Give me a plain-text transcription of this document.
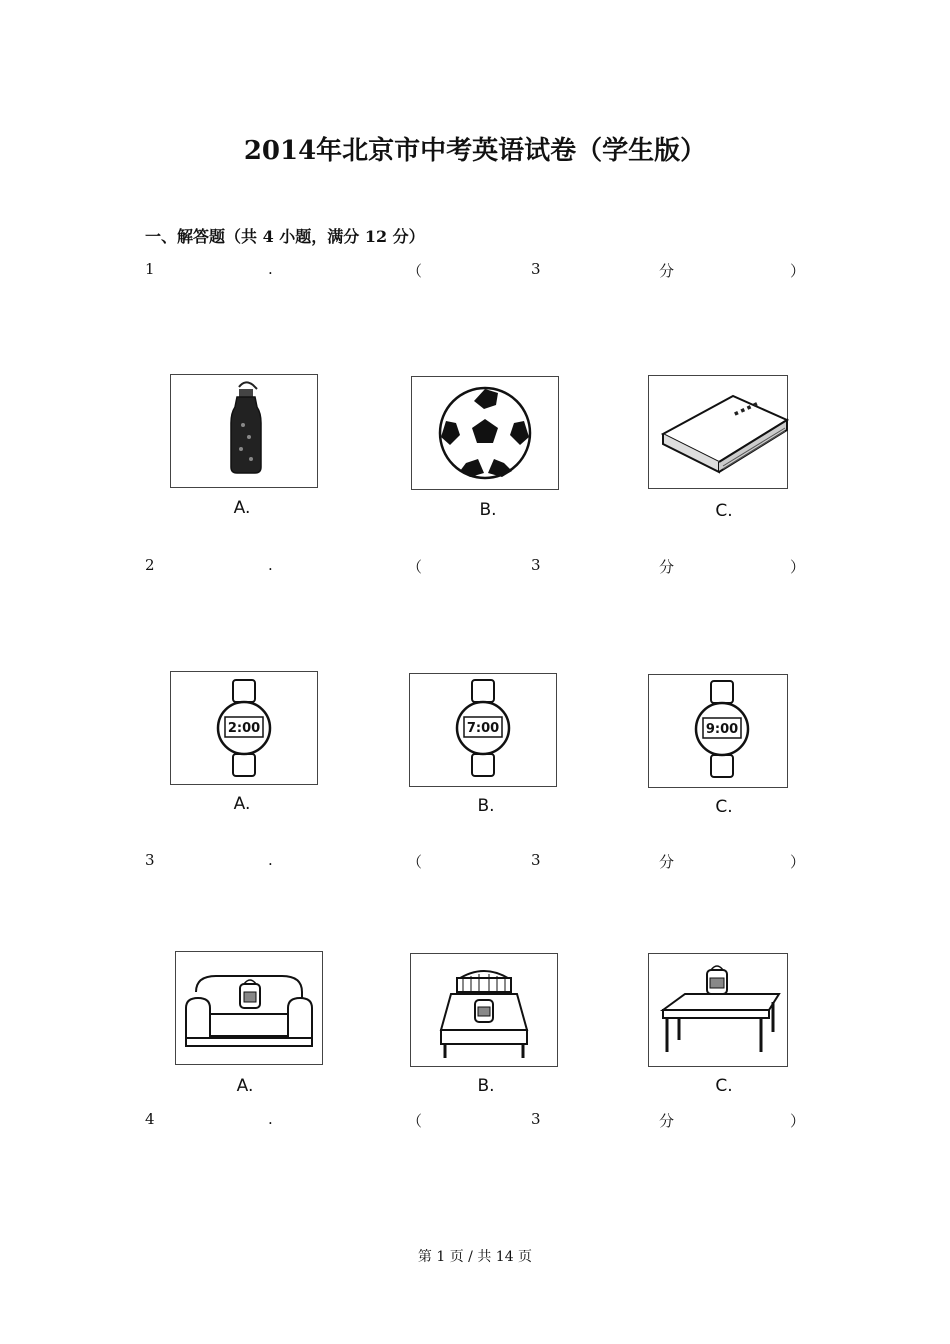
2014年北京市中考英语试卷（学生版）
一、解答题（共 4 小题，满分 12 分）
1	.	（	3	分	）
A.	B.
▪ ▪ ▪ ▪
C.
2	.	（	3	分	）
2:00
A.
7:00
B.
9:00
C.
3	.	（	3	分	）
A.	B.	C.
4	.	（	3	分	）
第 1 页 / 共 14 页
